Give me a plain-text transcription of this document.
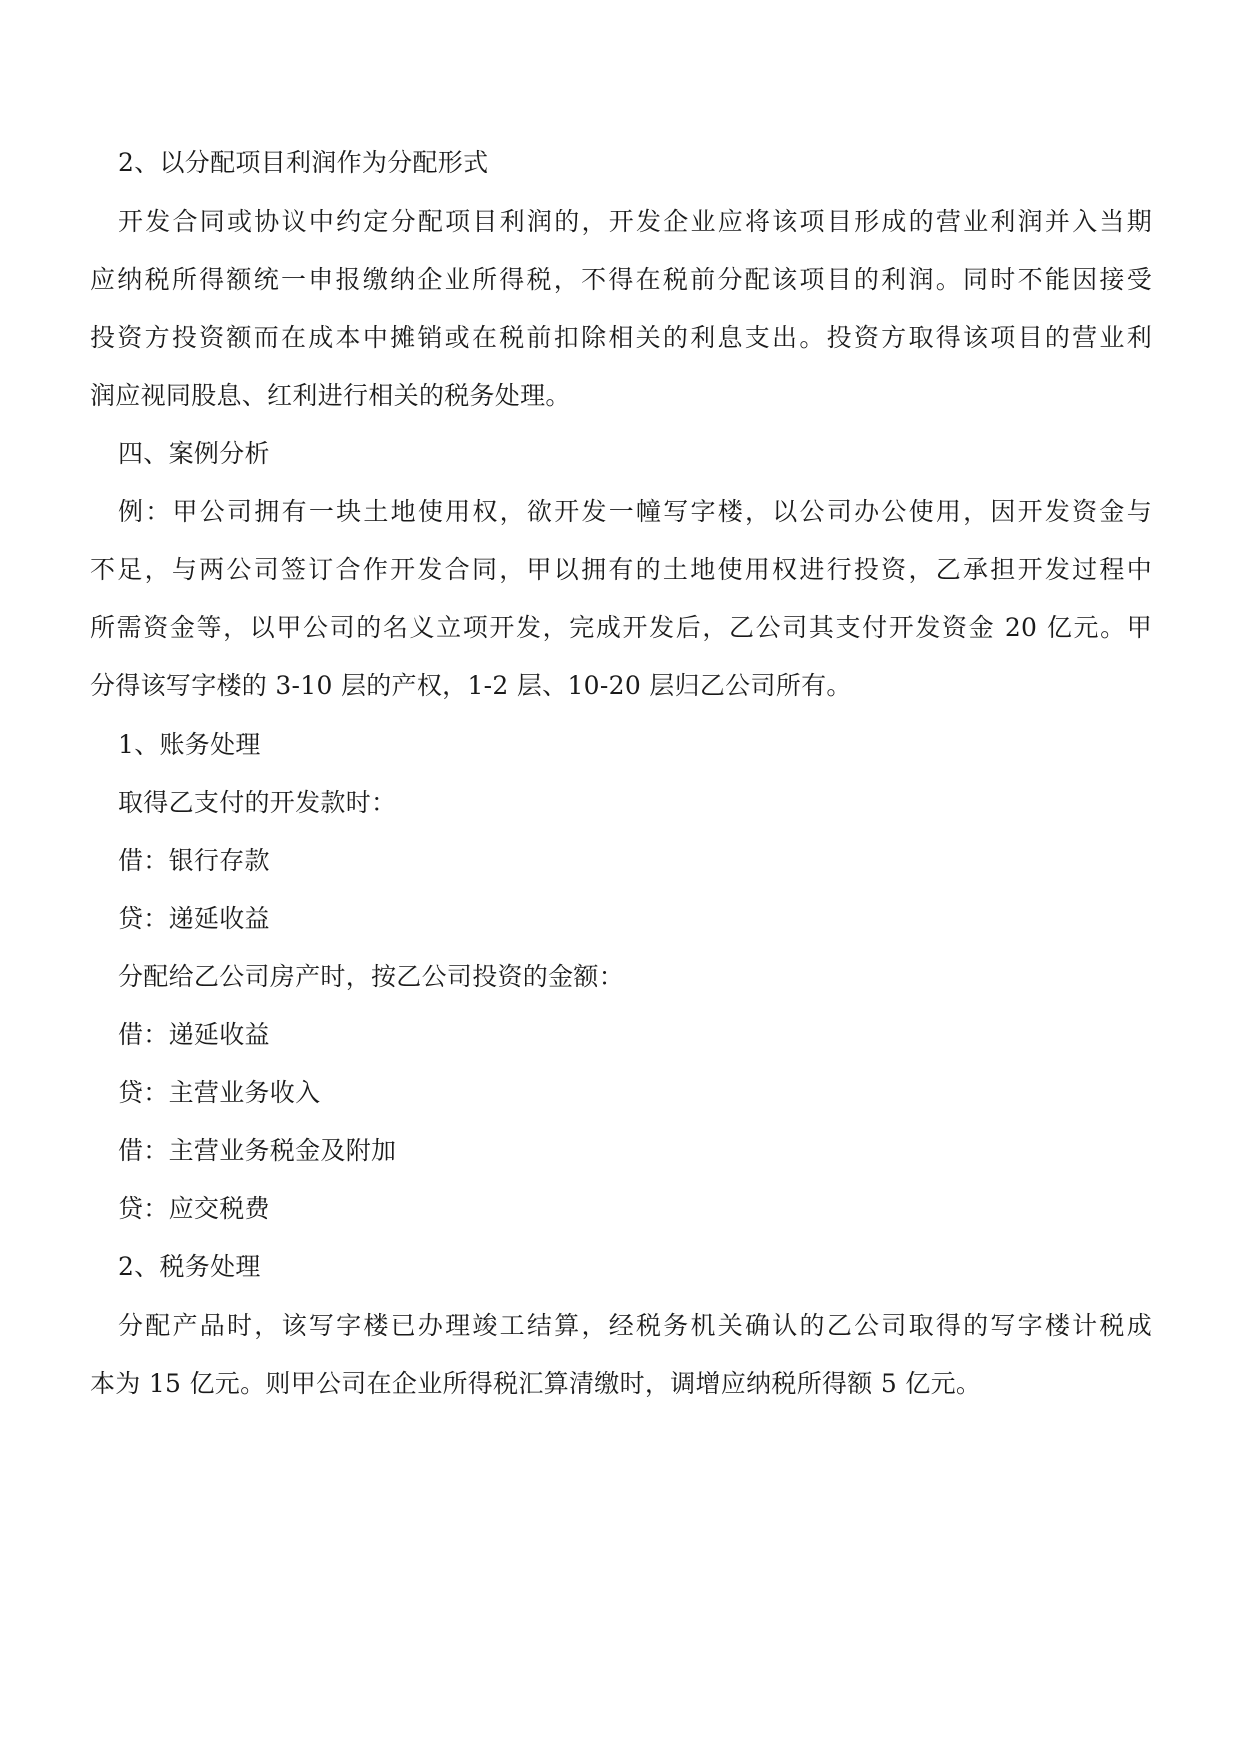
2、以分配项目利润作为分配形式
开发合同或协议中约定分配项目利润的，开发企业应将该项目形成的营业利润并入当期
应纳税所得额统一申报缴纳企业所得税，不得在税前分配该项目的利润。同时不能因接受
投资方投资额而在成本中摊销或在税前扣除相关的利息支出。投资方取得该项目的营业利
润应视同股息、红利进行相关的税务处理。
四、案例分析
例：甲公司拥有一块土地使用权，欲开发一幢写字楼，以公司办公使用，因开发资金与
不足，与两公司签订合作开发合同，甲以拥有的土地使用权进行投资，乙承担开发过程中
所需资金等，以甲公司的名义立项开发，完成开发后，乙公司其支付开发资金 20 亿元。甲
分得该写字楼的 3-10 层的产权，1-2 层、10-20 层归乙公司所有。
1、账务处理
取得乙支付的开发款时：
借：银行存款
贷：递延收益
分配给乙公司房产时，按乙公司投资的金额：
借：递延收益
贷：主营业务收入
借：主营业务税金及附加
贷：应交税费
2、税务处理
分配产品时，该写字楼已办理竣工结算，经税务机关确认的乙公司取得的写字楼计税成
本为 15 亿元。则甲公司在企业所得税汇算清缴时，调增应纳税所得额 5 亿元。
